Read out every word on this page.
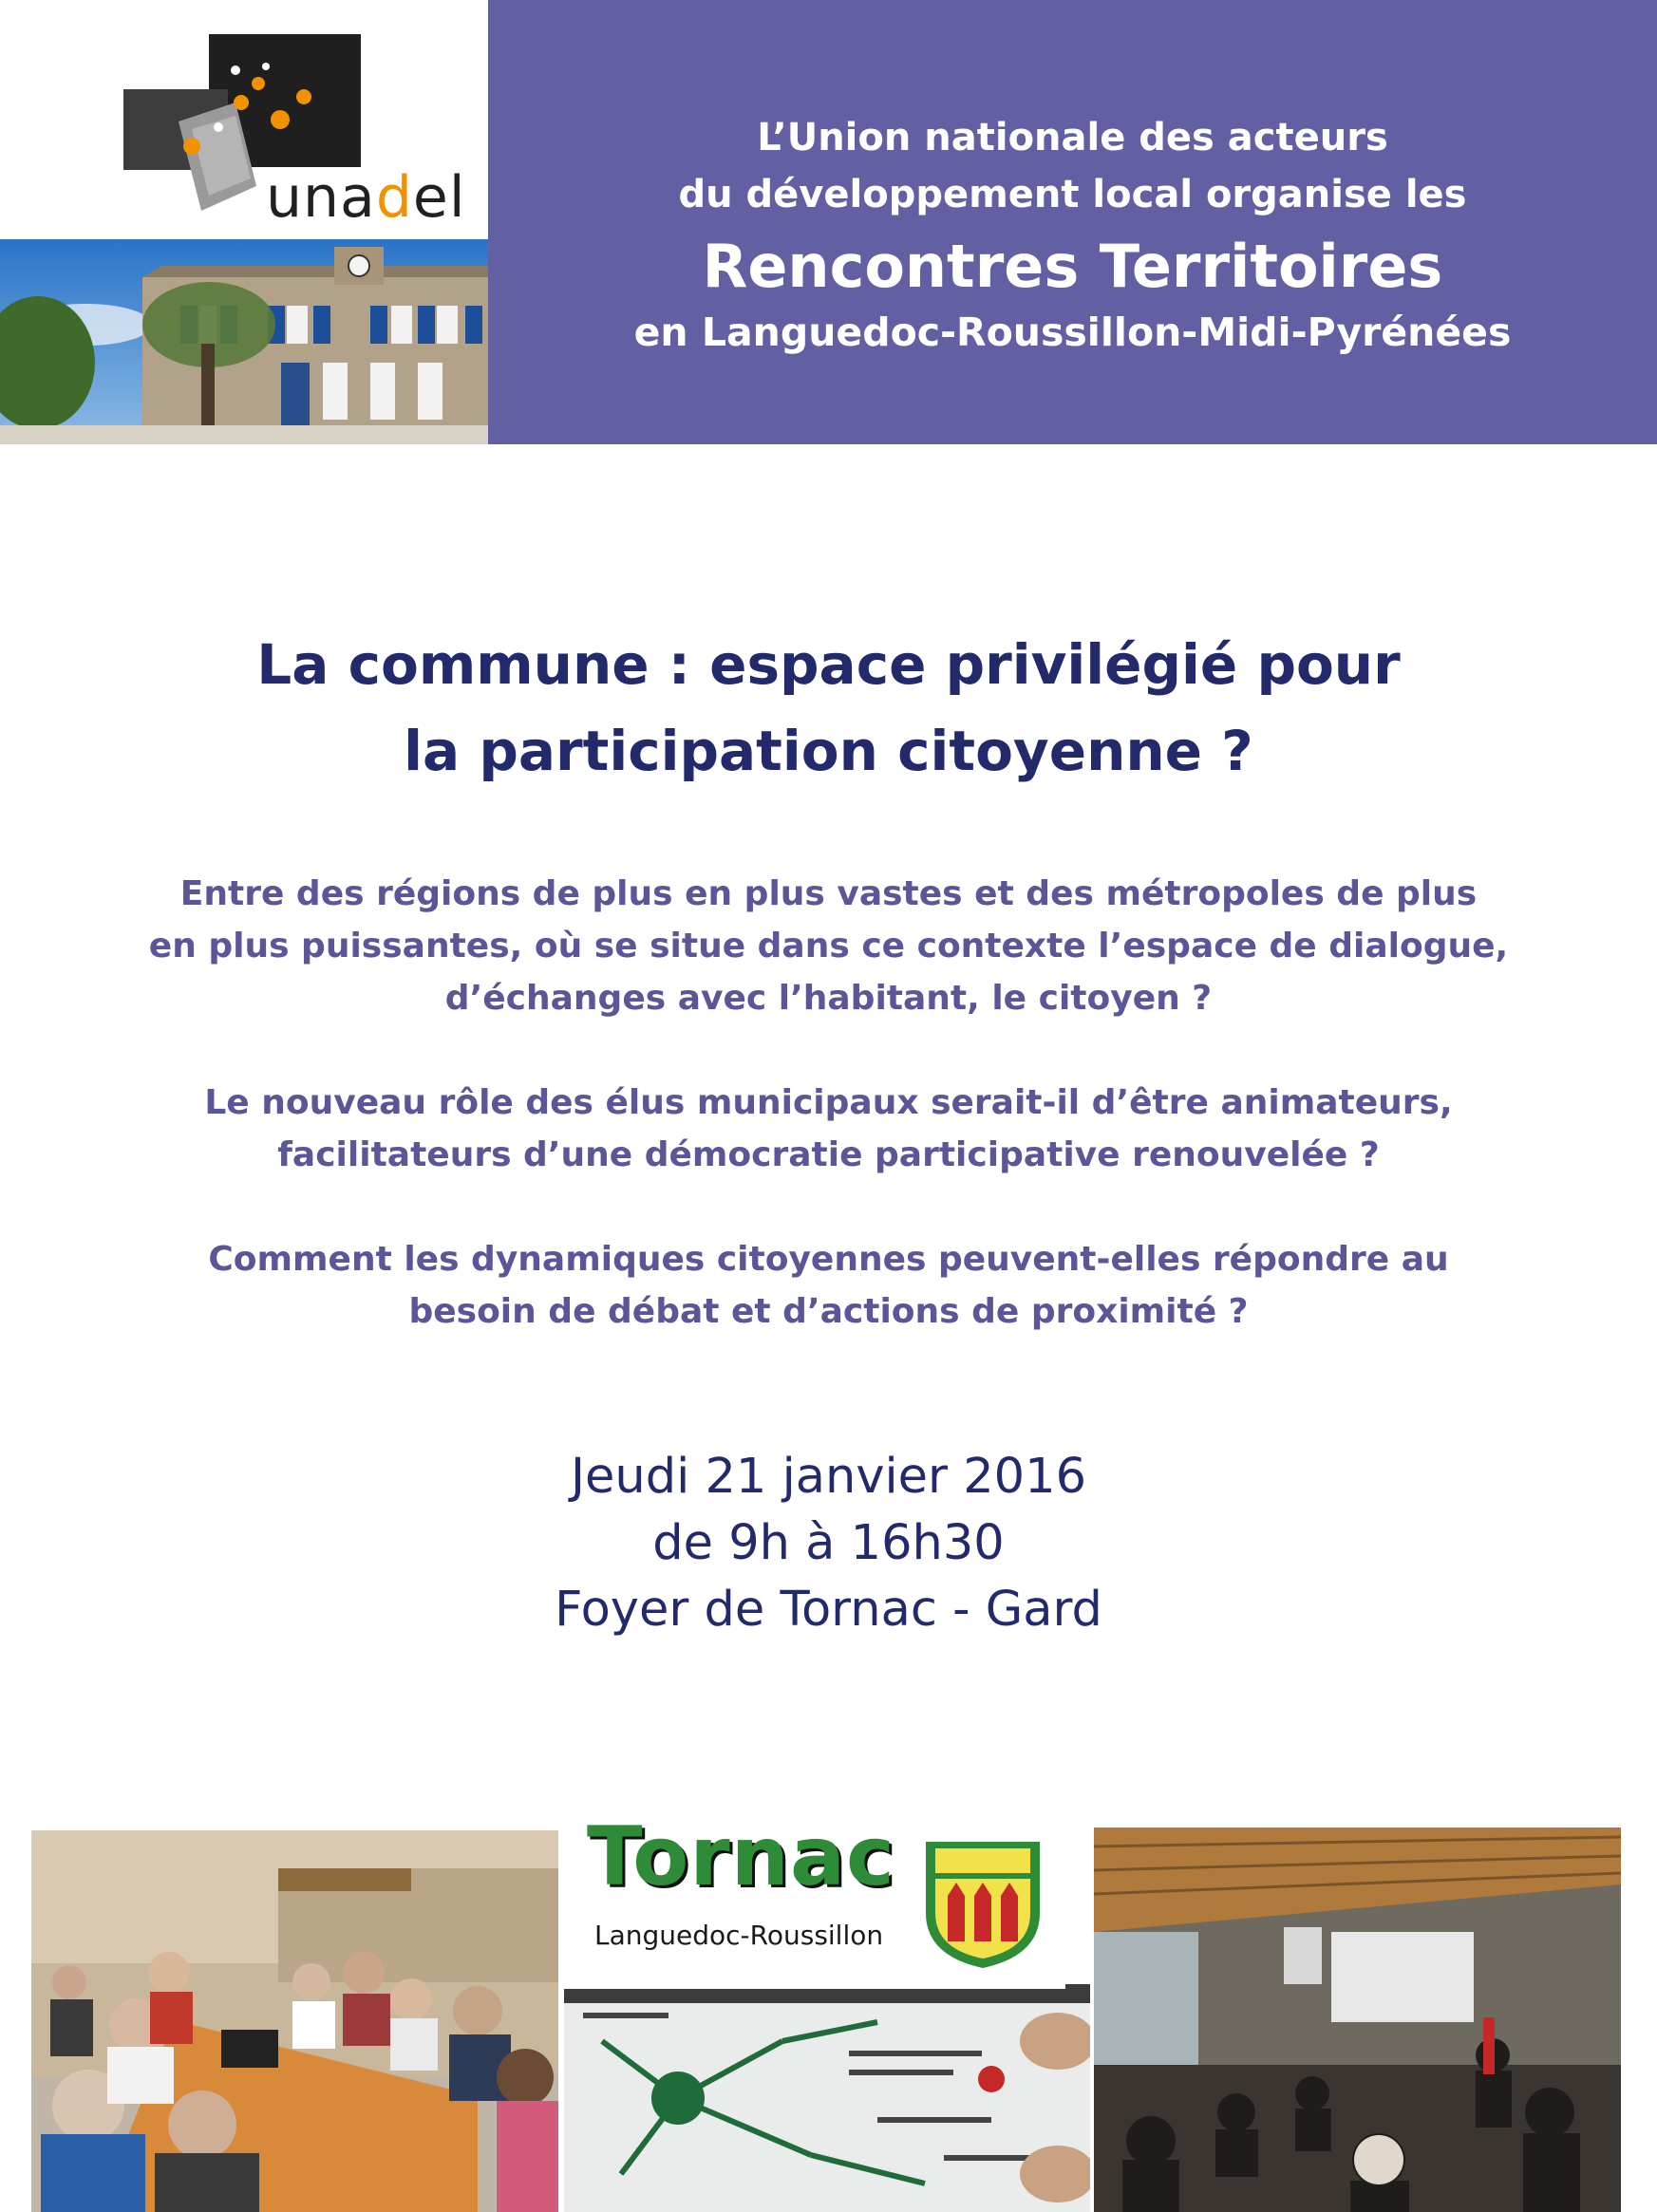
unadel
L’Union nationale des acteurs
du développement local organise les
Rencontres Territoires
en Languedoc-Roussillon-Midi-Pyrénées
La commune : espace privilégié pour
la participation citoyenne ?

Entre des régions de plus en plus vastes et des métropoles de plus
en plus puissantes, où se situe dans ce contexte l’espace de dialogue,
d’échanges avec l’habitant, le citoyen ?

Le nouveau rôle des élus municipaux serait-il d’être animateurs,
facilitateurs d’une démocratie participative renouvelée ?

Comment les dynamiques citoyennes peuvent-elles répondre au
besoin de débat et d’actions de proximité ?

Jeudi 21 janvier 2016
de 9h à 16h30
Foyer de Tornac - Gard
Tornac
Languedoc-Roussillon
